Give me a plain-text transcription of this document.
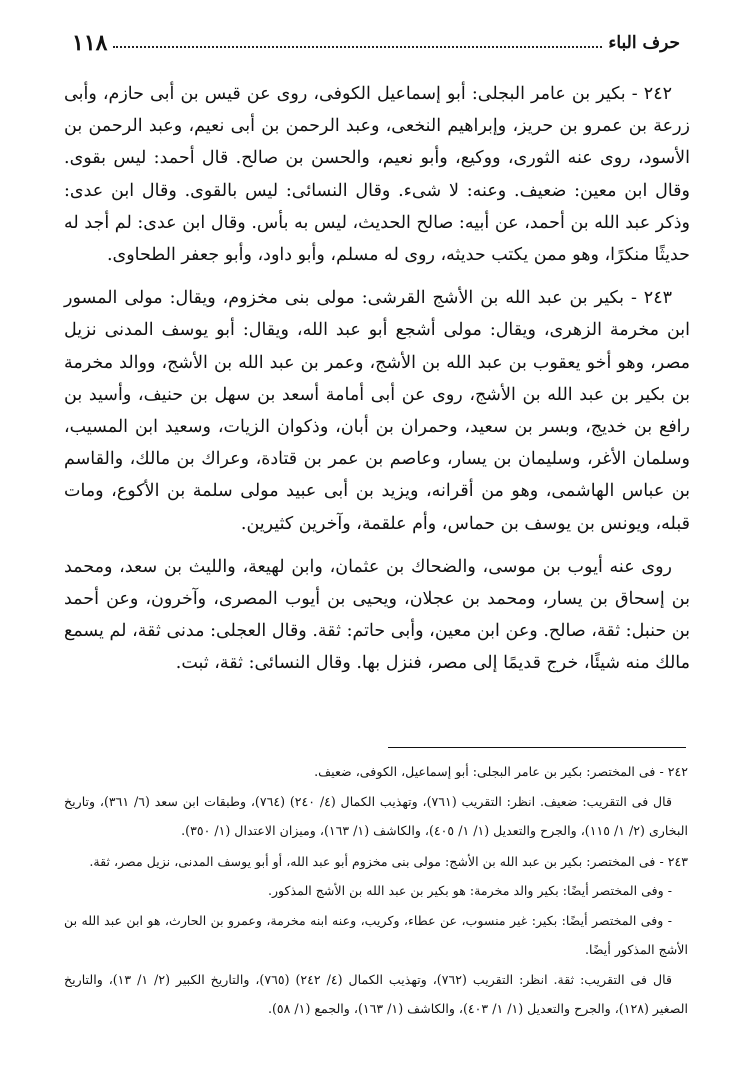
حرف الباء
١١٨

٢٤٢ - بكير بن عامر البجلى: أبو إسماعيل الكوفى، روى عن قيس بن أبى حازم، وأبى زرعة بن عمرو بن حريز، وإبراهيم النخعى، وعبد الرحمن بن أبى نعيم، وعبد الرحمن بن الأسود، روى عنه الثورى، ووكيع، وأبو نعيم، والحسن بن صالح. قال أحمد: ليس بقوى. وقال ابن معين: ضعيف. وعنه: لا شىء. وقال النسائى: ليس بالقوى. وقال ابن عدى: وذكر عبد الله بن أحمد، عن أبيه: صالح الحديث، ليس به بأس. وقال ابن عدى: لم أجد له حديثًا منكرًا، وهو ممن يكتب حديثه، روى له مسلم، وأبو داود، وأبو جعفر الطحاوى.

٢٤٣ - بكير بن عبد الله بن الأشج القرشى: مولى بنى مخزوم، ويقال: مولى المسور ابن مخرمة الزهرى، ويقال: مولى أشجع أبو عبد الله، ويقال: أبو يوسف المدنى نزيل مصر، وهو أخو يعقوب بن عبد الله بن الأشج، وعمر بن عبد الله بن الأشج، ووالد مخرمة بن بكير بن عبد الله بن الأشج، روى عن أبى أمامة أسعد بن سهل بن حنيف، وأسيد بن رافع بن خديج، وبسر بن سعيد، وحمران بن أبان، وذكوان الزيات، وسعيد ابن المسيب، وسلمان الأغر، وسليمان بن يسار، وعاصم بن عمر بن قتادة، وعراك بن مالك، والقاسم بن عباس الهاشمى، وهو من أقرانه، ويزيد بن أبى عبيد مولى سلمة بن الأكوع، ومات قبله، ويونس بن يوسف بن حماس، وأم علقمة، وآخرين كثيرين.

روى عنه أيوب بن موسى، والضحاك بن عثمان، وابن لهيعة، والليث بن سعد، ومحمد بن إسحاق بن يسار، ومحمد بن عجلان، ويحيى بن أيوب المصرى، وآخرون، وعن أحمد بن حنبل: ثقة، صالح. وعن ابن معين، وأبى حاتم: ثقة. وقال العجلى: مدنى ثقة، لم يسمع مالك منه شيئًا، خرج قديمًا إلى مصر، فنزل بها. وقال النسائى: ثقة، ثبت.

٢٤٢ - فى المختصر: بكير بن عامر البجلى: أبو إسماعيل، الكوفى، ضعيف.

قال فى التقريب: ضعيف. انظر: التقريب (٧٦١)، وتهذيب الكمال (٤/ ٢٤٠) (٧٦٤)، وطبقات ابن سعد (٦/ ٣٦١)، وتاريخ البخارى (٢/ ١/ ١١٥)، والجرح والتعديل (١/ ١/ ٤٠٥)، والكاشف (١/ ١٦٣)، وميزان الاعتدال (١/ ٣٥٠).

٢٤٣ - فى المختصر: بكير بن عبد الله بن الأشج: مولى بنى مخزوم أبو عبد الله، أو أبو يوسف المدنى، نزيل مصر، ثقة.

- وفى المختصر أيضًا: بكير والد مخرمة: هو بكير بن عبد الله بن الأشج المذكور.

- وفى المختصر أيضًا: بكير: غير منسوب، عن عطاء، وكريب، وعنه ابنه مخرمة، وعمرو بن الحارث، هو ابن عبد الله بن الأشج المذكور أيضًا.

قال فى التقريب: ثقة. انظر: التقريب (٧٦٢)، وتهذيب الكمال (٤/ ٢٤٢) (٧٦٥)، والتاريخ الكبير (٢/ ١/ ١٣)، والتاريخ الصغير (١٢٨)، والجرح والتعديل (١/ ١/ ٤٠٣)، والكاشف (١/ ١٦٣)، والجمع (١/ ٥٨).
